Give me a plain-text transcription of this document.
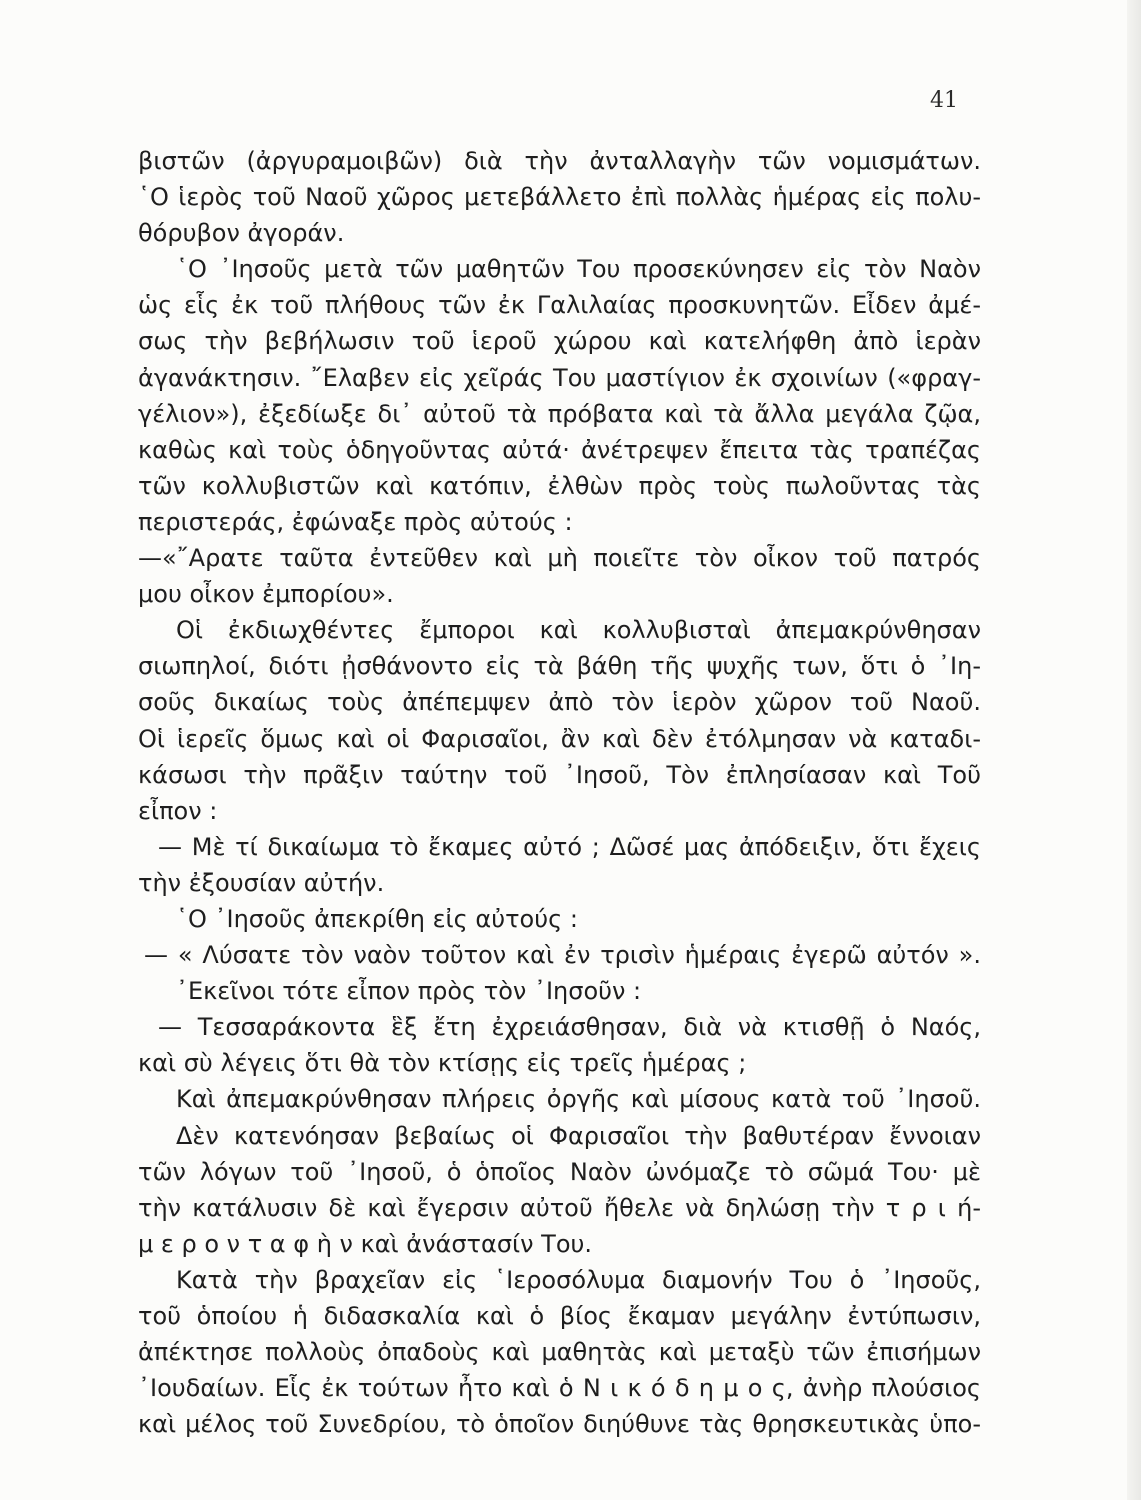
41
βιστῶν (ἀργυραμοιβῶν) διὰ τὴν ἀνταλλαγὴν τῶν νομισμάτων.
῾Ο ἱερὸς τοῦ Ναοῦ χῶρος μετεβάλλετο ἐπὶ πολλὰς ἡμέρας εἰς πολυ-
θόρυβον ἀγοράν.
῾Ο ᾿Ιησοῦς μετὰ τῶν μαθητῶν Του προσεκύνησεν εἰς τὸν Ναὸν
ὡς εἷς ἐκ τοῦ πλήθους τῶν ἐκ Γαλιλαίας προσκυνητῶν. Εἶδεν ἀμέ-
σως τὴν βεβήλωσιν τοῦ ἱεροῦ χώρου καὶ κατελήφθη ἀπὸ ἱερὰν
ἀγανάκτησιν. ῎Ελαβεν εἰς χεῖράς Του μαστίγιον ἐκ σχοινίων («φραγ-
γέλιον»), ἐξεδίωξε δι᾿ αὐτοῦ τὰ πρόβατα καὶ τὰ ἄλλα μεγάλα ζῷα,
καθὼς καὶ τοὺς ὁδηγοῦντας αὐτά· ἀνέτρεψεν ἔπειτα τὰς τραπέζας
τῶν κολλυβιστῶν καὶ κατόπιν, ἐλθὼν πρὸς τοὺς πωλοῦντας τὰς
περιστεράς, ἐφώναξε πρὸς αὐτούς :
—«῎Αρατε ταῦτα ἐντεῦθεν καὶ μὴ ποιεῖτε τὸν οἶκον τοῦ πατρός
μου οἶκον ἐμπορίου».
Οἱ ἐκδιωχθέντες ἔμποροι καὶ κολλυβισταὶ ἀπεμακρύνθησαν
σιωπηλοί, διότι ᾐσθάνοντο εἰς τὰ βάθη τῆς ψυχῆς των, ὅτι ὁ ᾿Ιη-
σοῦς δικαίως τοὺς ἀπέπεμψεν ἀπὸ τὸν ἱερὸν χῶρον τοῦ Ναοῦ.
Οἱ ἱερεῖς ὅμως καὶ οἱ Φαρισαῖοι, ἂν καὶ δὲν ἐτόλμησαν νὰ καταδι-
κάσωσι τὴν πρᾶξιν ταύτην τοῦ ᾿Ιησοῦ, Τὸν ἐπλησίασαν καὶ Τοῦ
εἶπον :
— Μὲ τί δικαίωμα τὸ ἔκαμες αὐτό ; Δῶσέ μας ἀπόδειξιν, ὅτι ἔχεις
τὴν ἐξουσίαν αὐτήν.
῾Ο ᾿Ιησοῦς ἀπεκρίθη εἰς αὐτούς :
— « Λύσατε τὸν ναὸν τοῦτον καὶ ἐν τρισὶν ἡμέραις ἐγερῶ αὐτόν ».
᾿Εκεῖνοι τότε εἶπον πρὸς τὸν ᾿Ιησοῦν :
— Τεσσαράκοντα ἓξ ἔτη ἐχρειάσθησαν, διὰ νὰ κτισθῇ ὁ Ναός,
καὶ σὺ λέγεις ὅτι θὰ τὸν κτίσῃς εἰς τρεῖς ἡμέρας ;
Καὶ ἀπεμακρύνθησαν πλήρεις ὀργῆς καὶ μίσους κατὰ τοῦ ᾿Ιησοῦ.
Δὲν κατενόησαν βεβαίως οἱ Φαρισαῖοι τὴν βαθυτέραν ἔννοιαν
τῶν λόγων τοῦ ᾿Ιησοῦ, ὁ ὁποῖος Ναὸν ὠνόμαζε τὸ σῶμά Του· μὲ
τὴν κατάλυσιν δὲ καὶ ἔγερσιν αὐτοῦ ἤθελε νὰ δηλώσῃ τὴν τ ρ ι ή-
μ ε ρ ο ν τ α φ ὴ ν καὶ ἀνάστασίν Του.
Κατὰ τὴν βραχεῖαν εἰς ῾Ιεροσόλυμα διαμονήν Του ὁ ᾿Ιησοῦς,
τοῦ ὁποίου ἡ διδασκαλία καὶ ὁ βίος ἔκαμαν μεγάλην ἐντύπωσιν,
ἀπέκτησε πολλοὺς ὀπαδοὺς καὶ μαθητὰς καὶ μεταξὺ τῶν ἐπισήμων
᾿Ιουδαίων. Εἷς ἐκ τούτων ἦτο καὶ ὁ Ν ι κ ό δ η μ ο ς, ἀνὴρ πλούσιος
καὶ μέλος τοῦ Συνεδρίου, τὸ ὁποῖον διηύθυνε τὰς θρησκευτικὰς ὑπο-
